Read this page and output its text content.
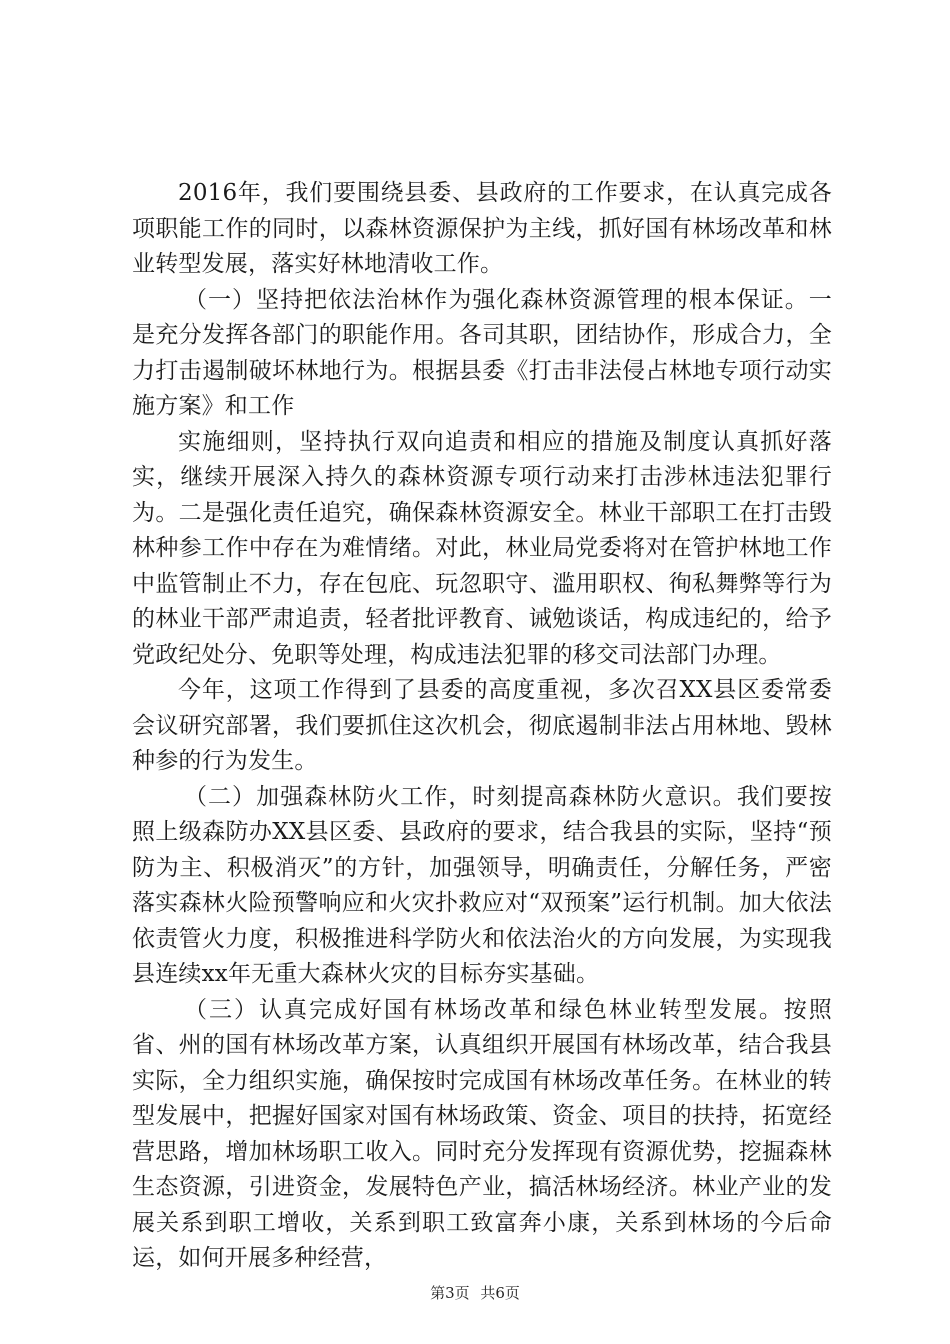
2016年，我们要围绕县委、县政府的工作要求，在认真完成各项职能工作的同时，以森林资源保护为主线，抓好国有林场改革和林业转型发展，落实好林地清收工作。

（一）坚持把依法治林作为强化森林资源管理的根本保证。一是充分发挥各部门的职能作用。各司其职，团结协作，形成合力，全力打击遏制破坏林地行为。根据县委《打击非法侵占林地专项行动实施方案》和工作

实施细则，坚持执行双向追责和相应的措施及制度认真抓好落实，继续开展深入持久的森林资源专项行动来打击涉林违法犯罪行为。二是强化责任追究，确保森林资源安全。林业干部职工在打击毁林种参工作中存在为难情绪。对此，林业局党委将对在管护林地工作中监管制止不力，存在包庇、玩忽职守、滥用职权、徇私舞弊等行为的林业干部严肃追责，轻者批评教育、诫勉谈话，构成违纪的，给予党政纪处分、免职等处理，构成违法犯罪的移交司法部门办理。

今年，这项工作得到了县委的高度重视，多次召XX县区委常委会议研究部署，我们要抓住这次机会，彻底遏制非法占用林地、毁林种参的行为发生。

（二）加强森林防火工作，时刻提高森林防火意识。我们要按照上级森防办XX县区委、县政府的要求，结合我县的实际，坚持“预防为主、积极消灭”的方针，加强领导，明确责任，分解任务，严密落实森林火险预警响应和火灾扑救应对“双预案”运行机制。加大依法依责管火力度，积极推进科学防火和依法治火的方向发展，为实现我县连续xx年无重大森林火灾的目标夯实基础。

（三）认真完成好国有林场改革和绿色林业转型发展。按照省、州的国有林场改革方案，认真组织开展国有林场改革，结合我县实际，全力组织实施，确保按时完成国有林场改革任务。在林业的转型发展中，把握好国家对国有林场政策、资金、项目的扶持，拓宽经营思路，增加林场职工收入。同时充分发挥现有资源优势，挖掘森林生态资源，引进资金，发展特色产业，搞活林场经济。林业产业的发展关系到职工增收，关系到职工致富奔小康，关系到林场的今后命运，如何开展多种经营，

第3页 共6页
